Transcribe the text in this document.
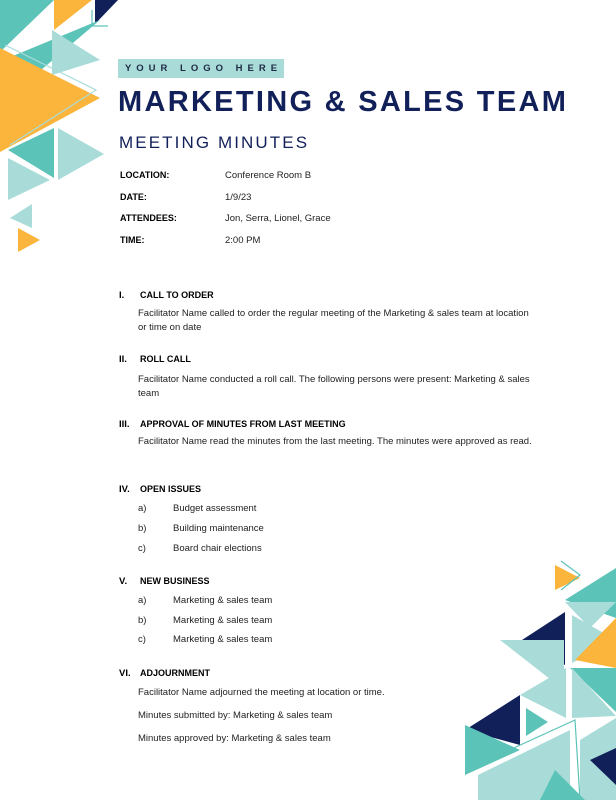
YOUR LOGO HERE
MARKETING & SALES TEAM
MEETING MINUTES
LOCATION:	Conference Room B
DATE:	1/9/23
ATTENDEES:	Jon, Serra, Lionel, Grace
TIME:	2:00 PM
I. CALL TO ORDER
Facilitator Name called to order the regular meeting of the Marketing & sales team at location or time on date
II. ROLL CALL
Facilitator Name conducted a roll call. The following persons were present: Marketing & sales team
III. APPROVAL OF MINUTES FROM LAST MEETING
Facilitator Name read the minutes from the last meeting. The minutes were approved as read.
IV. OPEN ISSUES
a)	Budget assessment
b)	Building maintenance
c)	Board chair elections
V. NEW BUSINESS
a)	Marketing & sales team
b)	Marketing & sales team
c)	Marketing & sales team
VI. ADJOURNMENT
Facilitator Name adjourned the meeting at location or time.
Minutes submitted by: Marketing & sales team
Minutes approved by: Marketing & sales team
